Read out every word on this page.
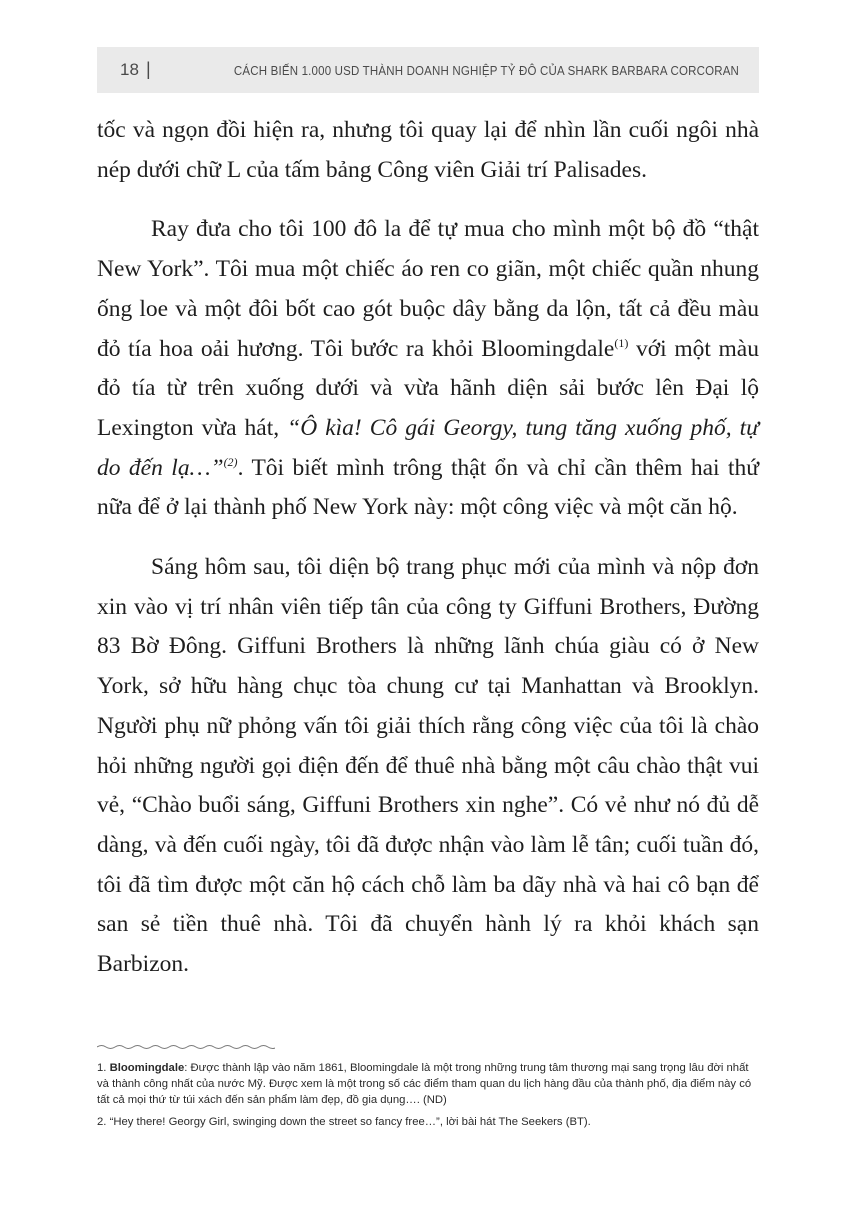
18 |	CÁCH BIẾN 1.000 USD THÀNH DOANH NGHIỆP TỶ ĐÔ CỦA SHARK BARBARA CORCORAN

tốc và ngọn đồi hiện ra, nhưng tôi quay lại để nhìn lần cuối ngôi nhà nép dưới chữ L của tấm bảng Công viên Giải trí Palisades.

Ray đưa cho tôi 100 đô la để tự mua cho mình một bộ đồ “thật New York”. Tôi mua một chiếc áo ren co giãn, một chiếc quần nhung ống loe và một đôi bốt cao gót buộc dây bằng da lộn, tất cả đều màu đỏ tía hoa oải hương. Tôi bước ra khỏi Bloomingdale$^{(1)}$ với một màu đỏ tía từ trên xuống dưới và vừa hãnh diện sải bước lên Đại lộ Lexington vừa hát, “Ô kìa! Cô gái Georgy, tung tăng xuống phố, tự do đến lạ…”$^{(2)}$. Tôi biết mình trông thật ổn và chỉ cần thêm hai thứ nữa để ở lại thành phố New York này: một công việc và một căn hộ.

Sáng hôm sau, tôi diện bộ trang phục mới của mình và nộp đơn xin vào vị trí nhân viên tiếp tân của công ty Giffuni Brothers, Đường 83 Bờ Đông. Giffuni Brothers là những lãnh chúa giàu có ở New York, sở hữu hàng chục tòa chung cư tại Manhattan và Brooklyn. Người phụ nữ phỏng vấn tôi giải thích rằng công việc của tôi là chào hỏi những người gọi điện đến để thuê nhà bằng một câu chào thật vui vẻ, “Chào buổi sáng, Giffuni Brothers xin nghe”. Có vẻ như nó đủ dễ dàng, và đến cuối ngày, tôi đã được nhận vào làm lễ tân; cuối tuần đó, tôi đã tìm được một căn hộ cách chỗ làm ba dãy nhà và hai cô bạn để san sẻ tiền thuê nhà. Tôi đã chuyển hành lý ra khỏi khách sạn Barbizon.

1. Bloomingdale: Được thành lập vào năm 1861, Bloomingdale là một trong những trung tâm thương mại sang trọng lâu đời nhất và thành công nhất của nước Mỹ. Được xem là một trong số các điểm tham quan du lịch hàng đầu của thành phố, địa điểm này có tất cả mọi thứ từ túi xách đến sản phẩm làm đẹp, đồ gia dụng…. (ND)

2. “Hey there! Georgy Girl, swinging down the street so fancy free…”, lời bài hát The Seekers (BT).
